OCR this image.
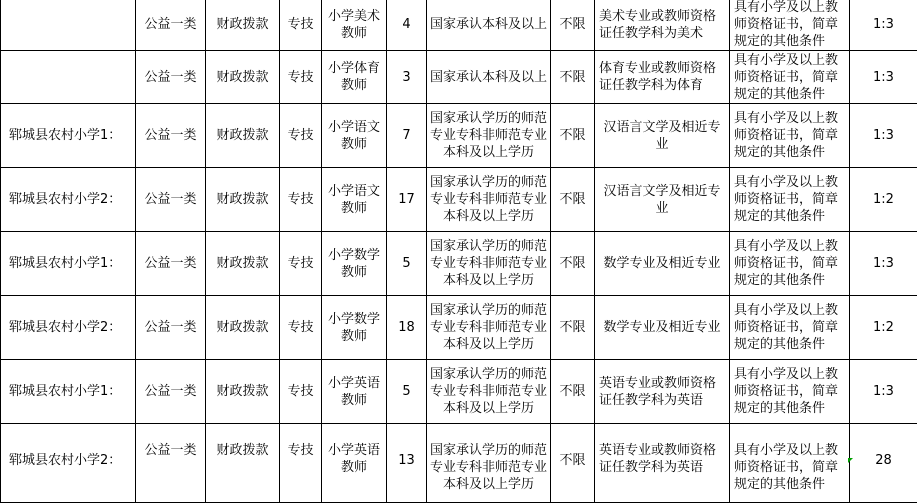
	公益一类	财政拨款	专技	小学美术教师	4	国家承认本科及以上	不限	美术专业或教师资格证任教学科为美术	具有小学及以上教师资格证书，简章规定的其他条件	1:3
	公益一类	财政拨款	专技	小学体育教师	3	国家承认本科及以上	不限	体育专业或教师资格证任教学科为体育	具有小学及以上教师资格证书，简章规定的其他条件	1:3
郓城县农村小学1：	公益一类	财政拨款	专技	小学语文教师	7	国家承认学历的师范专业专科非师范专业本科及以上学历	不限	汉语言文学及相近专业	具有小学及以上教师资格证书，简章规定的其他条件	1:3
郓城县农村小学2：	公益一类	财政拨款	专技	小学语文教师	17	国家承认学历的师范专业专科非师范专业本科及以上学历	不限	汉语言文学及相近专业	具有小学及以上教师资格证书，简章规定的其他条件	1:2
郓城县农村小学1：	公益一类	财政拨款	专技	小学数学教师	5	国家承认学历的师范专业专科非师范专业本科及以上学历	不限	数学专业及相近专业	具有小学及以上教师资格证书，简章规定的其他条件	1:3
郓城县农村小学2：	公益一类	财政拨款	专技	小学数学教师	18	国家承认学历的师范专业专科非师范专业本科及以上学历	不限	数学专业及相近专业	具有小学及以上教师资格证书，简章规定的其他条件	1:2
郓城县农村小学1：	公益一类	财政拨款	专技	小学英语教师	5	国家承认学历的师范专业专科非师范专业本科及以上学历	不限	英语专业或教师资格证任教学科为英语	具有小学及以上教师资格证书，简章规定的其他条件	1:3
郓城县农村小学2：	公益一类	财政拨款	专技	小学英语教师	13	国家承认学历的师范专业专科非师范专业本科及以上学历	不限	英语专业或教师资格证任教学科为英语	具有小学及以上教师资格证书，简章规定的其他条件	28
